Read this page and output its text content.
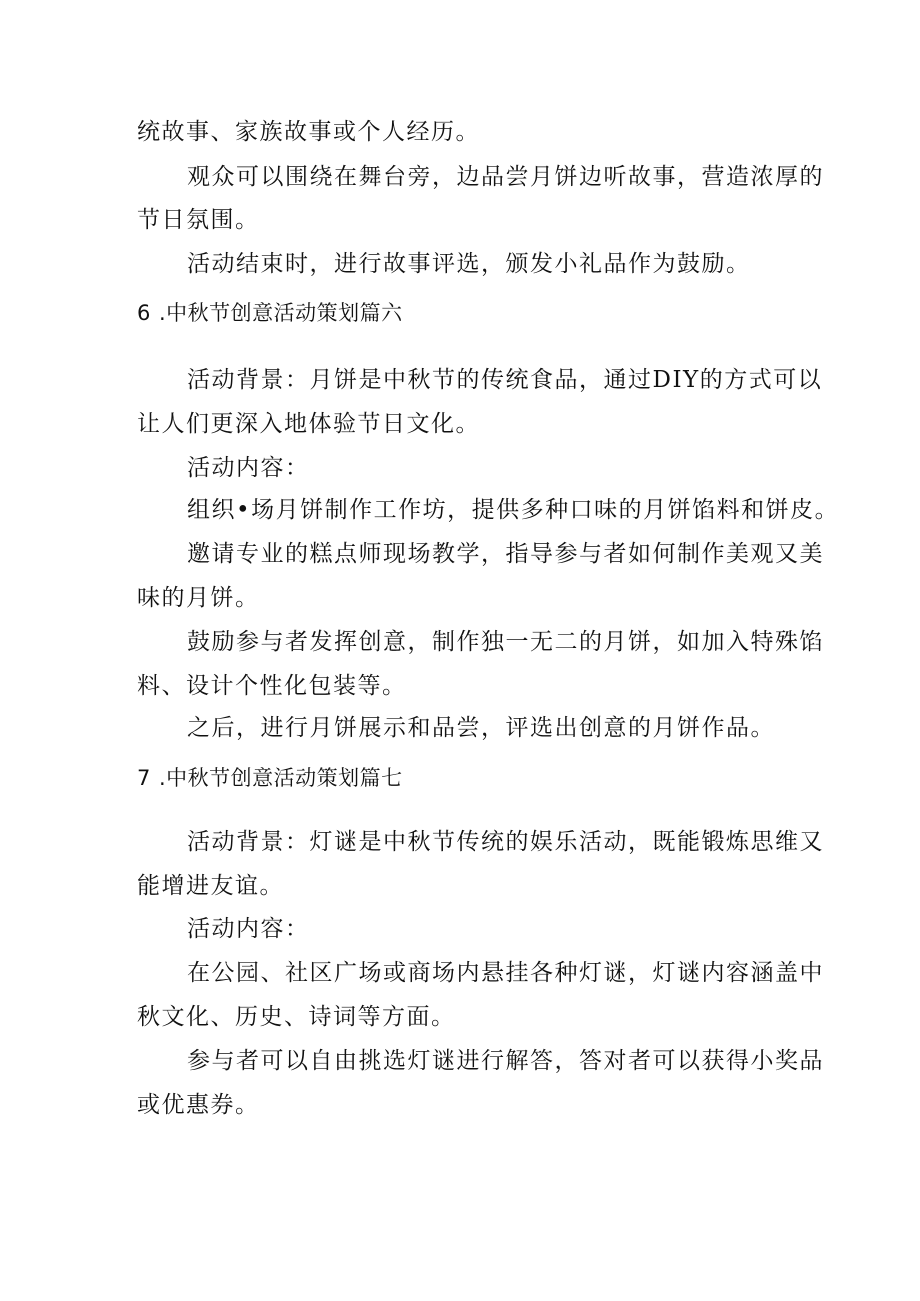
统故事、家族故事或个人经历。
观众可以围绕在舞台旁，边品尝月饼边听故事，营造浓厚的
节日氛围。
活动结束时，进行故事评选，颁发小礼品作为鼓励。
6 .中秋节创意活动策划篇六
活动背景：月饼是中秋节的传统食品，通过DIY的方式可以
让人们更深入地体验节日文化。
活动内容：
组织•场月饼制作工作坊，提供多种口味的月饼馅料和饼皮。
邀请专业的糕点师现场教学，指导参与者如何制作美观又美
味的月饼。
鼓励参与者发挥创意，制作独一无二的月饼，如加入特殊馅
料、设计个性化包装等。
之后，进行月饼展示和品尝，评选出创意的月饼作品。
7 .中秋节创意活动策划篇七
活动背景：灯谜是中秋节传统的娱乐活动，既能锻炼思维又
能增进友谊。
活动内容：
在公园、社区广场或商场内悬挂各种灯谜，灯谜内容涵盖中
秋文化、历史、诗词等方面。
参与者可以自由挑选灯谜进行解答，答对者可以获得小奖品
或优惠券。
